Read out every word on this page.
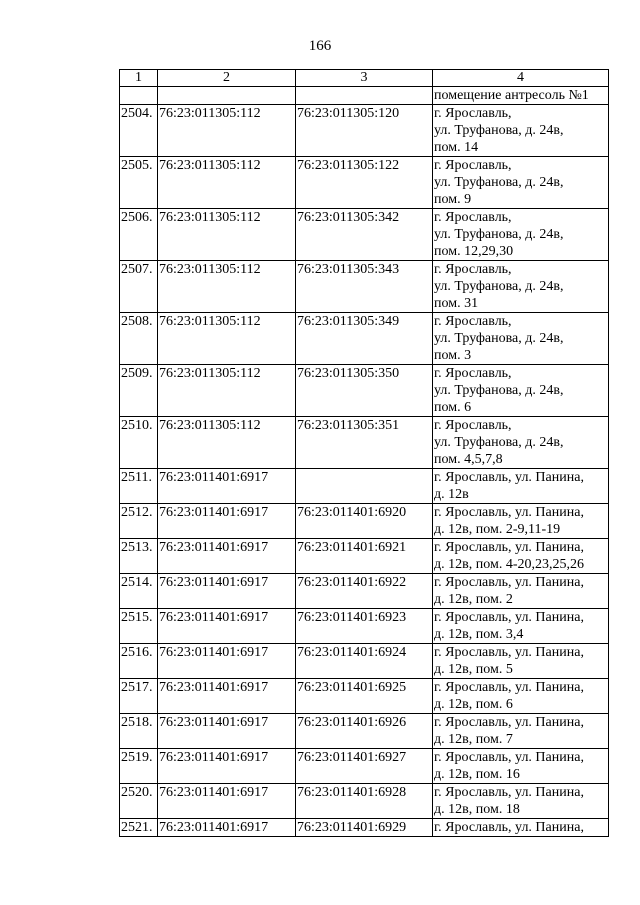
166
1	2	3	4
			помещение антресоль №1
2504.	76:23:011305:112	76:23:011305:120	г. Ярославль,
ул. Труфанова, д. 24в,
пом. 14
2505.	76:23:011305:112	76:23:011305:122	г. Ярославль,
ул. Труфанова, д. 24в,
пом. 9
2506.	76:23:011305:112	76:23:011305:342	г. Ярославль,
ул. Труфанова, д. 24в,
пом. 12,29,30
2507.	76:23:011305:112	76:23:011305:343	г. Ярославль,
ул. Труфанова, д. 24в,
пом. 31
2508.	76:23:011305:112	76:23:011305:349	г. Ярославль,
ул. Труфанова, д. 24в,
пом. 3
2509.	76:23:011305:112	76:23:011305:350	г. Ярославль,
ул. Труфанова, д. 24в,
пом. 6
2510.	76:23:011305:112	76:23:011305:351	г. Ярославль,
ул. Труфанова, д. 24в,
пом. 4,5,7,8
2511.	76:23:011401:6917		г. Ярославль, ул. Панина,
д. 12в
2512.	76:23:011401:6917	76:23:011401:6920	г. Ярославль, ул. Панина,
д. 12в, пом. 2-9,11-19
2513.	76:23:011401:6917	76:23:011401:6921	г. Ярославль, ул. Панина,
д. 12в, пом. 4-20,23,25,26
2514.	76:23:011401:6917	76:23:011401:6922	г. Ярославль, ул. Панина,
д. 12в, пом. 2
2515.	76:23:011401:6917	76:23:011401:6923	г. Ярославль, ул. Панина,
д. 12в, пом. 3,4
2516.	76:23:011401:6917	76:23:011401:6924	г. Ярославль, ул. Панина,
д. 12в, пом. 5
2517.	76:23:011401:6917	76:23:011401:6925	г. Ярославль, ул. Панина,
д. 12в, пом. 6
2518.	76:23:011401:6917	76:23:011401:6926	г. Ярославль, ул. Панина,
д. 12в, пом. 7
2519.	76:23:011401:6917	76:23:011401:6927	г. Ярославль, ул. Панина,
д. 12в, пом. 16
2520.	76:23:011401:6917	76:23:011401:6928	г. Ярославль, ул. Панина,
д. 12в, пом. 18
2521.	76:23:011401:6917	76:23:011401:6929	г. Ярославль, ул. Панина,
